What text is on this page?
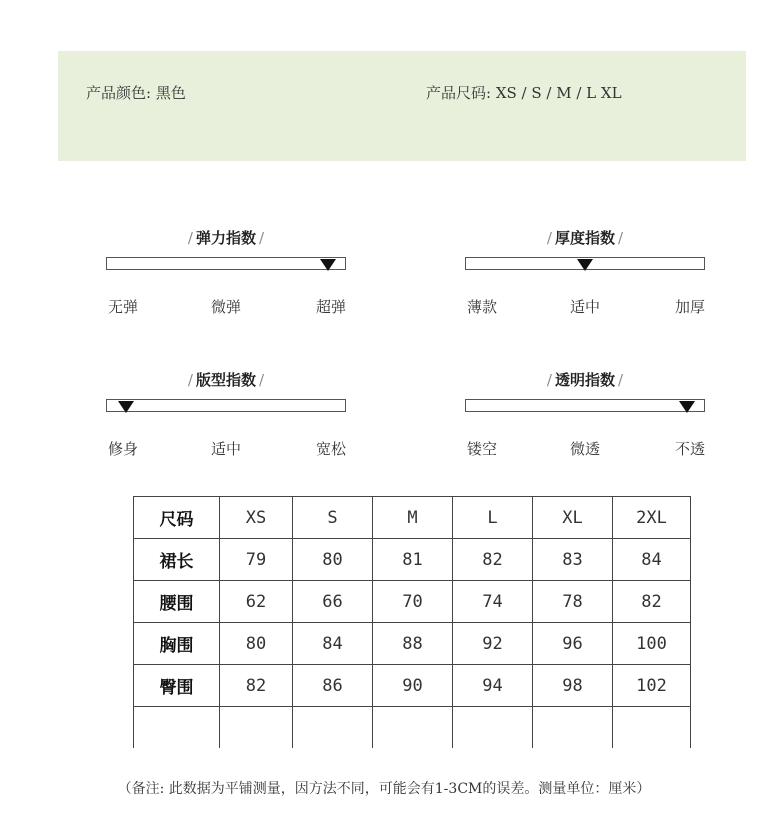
产品颜色: 黑色	产品尺码: XS / S / M / L XL
/ 弹力指数 /
无弹	微弹	超弹
/ 厚度指数 /
薄款	适中	加厚
/ 版型指数 /
修身	适中	宽松
/ 透明指数 /
镂空	微透	不透
尺码	XS	S	M	L	XL	2XL
裙长	79	80	81	82	83	84
腰围	62	66	70	74	78	82
胸围	80	84	88	92	96	100
臀围	82	86	90	94	98	102

（备注: 此数据为平铺测量，因方法不同，可能会有1-3CM的误差。测量单位：厘米）
